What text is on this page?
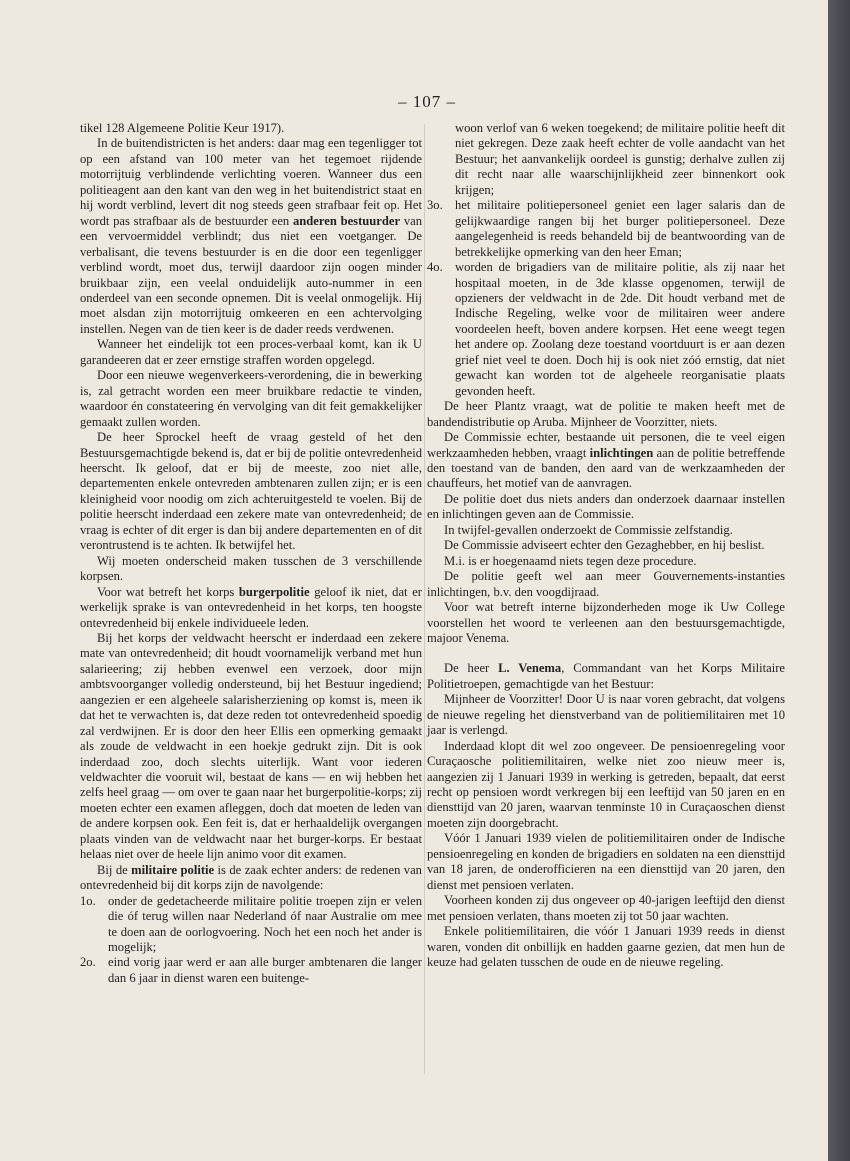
– 107 –

tikel 128 Algemeene Politie Keur 1917).

In de buitendistricten is het anders: daar mag een tegenligger tot op een afstand van 100 meter van het tegemoet rijdende motorrijtuig verblindende verlichting voeren. Wanneer dus een politieagent aan den kant van den weg in het buitendistrict staat en hij wordt verblind, levert dit nog steeds geen strafbaar feit op. Het wordt pas strafbaar als de bestuurder een anderen bestuurder van een vervoermiddel verblindt; dus niet een voetganger. De verbalisant, die tevens bestuurder is en die door een tegenligger verblind wordt, moet dus, terwijl daardoor zijn oogen minder bruikbaar zijn, een veelal onduidelijk auto-nummer in een onderdeel van een seconde opnemen. Dit is veelal onmogelijk. Hij moet alsdan zijn motorrijtuig omkeeren en een achtervolging instellen. Negen van de tien keer is de dader reeds verdwenen.

Wanneer het eindelijk tot een proces-verbaal komt, kan ik U garandeeren dat er zeer ernstige straffen worden opgelegd.

Door een nieuwe wegenverkeers-verordening, die in bewerking is, zal getracht worden een meer bruikbare redactie te vinden, waardoor én constateering én vervolging van dit feit gemakkelijker gemaakt zullen worden.

De heer Sprockel heeft de vraag gesteld of het den Bestuursgemachtigde bekend is, dat er bij de politie ontevredenheid heerscht. Ik geloof, dat er bij de meeste, zoo niet alle, departementen enkele ontevreden ambtenaren zullen zijn; er is een kleinigheid voor noodig om zich achteruitgesteld te voelen. Bij de politie heerscht inderdaad een zekere mate van ontevredenheid; de vraag is echter of dit erger is dan bij andere departementen en of dit verontrustend is te achten. Ik betwijfel het.

Wij moeten onderscheid maken tusschen de 3 verschillende korpsen.

Voor wat betreft het korps burgerpolitie geloof ik niet, dat er werkelijk sprake is van ontevredenheid in het korps, ten hoogste ontevredenheid bij enkele individueele leden.

Bij het korps der veldwacht heerscht er inderdaad een zekere mate van ontevredenheid; dit houdt voornamelijk verband met hun salarieering; zij hebben evenwel een verzoek, door mijn ambtsvoorganger volledig ondersteund, bij het Bestuur ingediend; aangezien er een algeheele salarisherziening op komst is, meen ik dat het te verwachten is, dat deze reden tot ontevredenheid spoedig zal verdwijnen. Er is door den heer Ellis een opmerking gemaakt als zoude de veldwacht in een hoekje gedrukt zijn. Dit is ook inderdaad zoo, doch slechts uiterlijk. Want voor iederen veldwachter die vooruit wil, bestaat de kans — en wij hebben het zelfs heel graag — om over te gaan naar het burgerpolitie-korps; zij moeten echter een examen afleggen, doch dat moeten de leden van de andere korpsen ook. Een feit is, dat er herhaaldelijk overgangen plaats vinden van de veldwacht naar het burger-korps. Er bestaat helaas niet over de heele lijn animo voor dit examen.

Bij de militaire politie is de zaak echter anders: de redenen van ontevredenheid bij dit korps zijn de navolgende:

1o. onder de gedetacheerde militaire politie troepen zijn er velen die óf terug willen naar Nederland óf naar Australie om mee te doen aan de oorlogvoering. Noch het een noch het ander is mogelijk;
2o. eind vorig jaar werd er aan alle burger ambtenaren die langer dan 6 jaar in dienst waren een buitenge-
woon verlof van 6 weken toegekend; de militaire politie heeft dit niet gekregen. Deze zaak heeft echter de volle aandacht van het Bestuur; het aanvankelijk oordeel is gunstig; derhalve zullen zij dit recht naar alle waarschijnlijkheid zeer binnenkort ook krijgen;
3o. het militaire politiepersoneel geniet een lager salaris dan de gelijkwaardige rangen bij het burger politiepersoneel. Deze aangelegenheid is reeds behandeld bij de beantwoording van de betrekkelijke opmerking van den heer Eman;
4o. worden de brigadiers van de militaire politie, als zij naar het hospitaal moeten, in de 3de klasse opgenomen, terwijl de opzieners der veldwacht in de 2de. Dit houdt verband met de Indische Regeling, welke voor de militairen weer andere voordeelen heeft, boven andere korpsen. Het eene weegt tegen het andere op. Zoolang deze toestand voortduurt is er aan dezen grief niet veel te doen. Doch hij is ook niet zóó ernstig, dat niet gewacht kan worden tot de algeheele reorganisatie plaats gevonden heeft.

De heer Plantz vraagt, wat de politie te maken heeft met de bandendistributie op Aruba. Mijnheer de Voorzitter, niets.

De Commissie echter, bestaande uit personen, die te veel eigen werkzaamheden hebben, vraagt inlichtingen aan de politie betreffende den toestand van de banden, den aard van de werkzaamheden der chauffeurs, het motief van de aanvragen.

De politie doet dus niets anders dan onderzoek daarnaar instellen en inlichtingen geven aan de Commissie.

In twijfel-gevallen onderzoekt de Commissie zelfstandig.

De Commissie adviseert echter den Gezaghebber, en hij beslist.

M.i. is er hoegenaamd niets tegen deze procedure.

De politie geeft wel aan meer Gouvernements-instanties inlichtingen, b.v. den voogdijraad.

Voor wat betreft interne bijzonderheden moge ik Uw College voorstellen het woord te verleenen aan den bestuursgemachtigde, majoor Venema.

De heer L. Venema, Commandant van het Korps Militaire Politietroepen, gemachtigde van het Bestuur:

Mijnheer de Voorzitter! Door U is naar voren gebracht, dat volgens de nieuwe regeling het dienstverband van de politiemilitairen met 10 jaar is verlengd.

Inderdaad klopt dit wel zoo ongeveer. De pensioenregeling voor Curaçaosche politiemilitairen, welke niet zoo nieuw meer is, aangezien zij 1 Januari 1939 in werking is getreden, bepaalt, dat eerst recht op pensioen wordt verkregen bij een leeftijd van 50 jaren en en diensttijd van 20 jaren, waarvan tenminste 10 in Curaçaoschen dienst moeten zijn doorgebracht.

Vóór 1 Januari 1939 vielen de politiemilitairen onder de Indische pensioenregeling en konden de brigadiers en soldaten na een diensttijd van 18 jaren, de onderofficieren na een diensttijd van 20 jaren, den dienst met pensioen verlaten.

Voorheen konden zij dus ongeveer op 40-jarigen leeftijd den dienst met pensioen verlaten, thans moeten zij tot 50 jaar wachten.

Enkele politiemilitairen, die vóór 1 Januari 1939 reeds in dienst waren, vonden dit onbillijk en hadden gaarne gezien, dat men hun de keuze had gelaten tusschen de oude en de nieuwe regeling.
